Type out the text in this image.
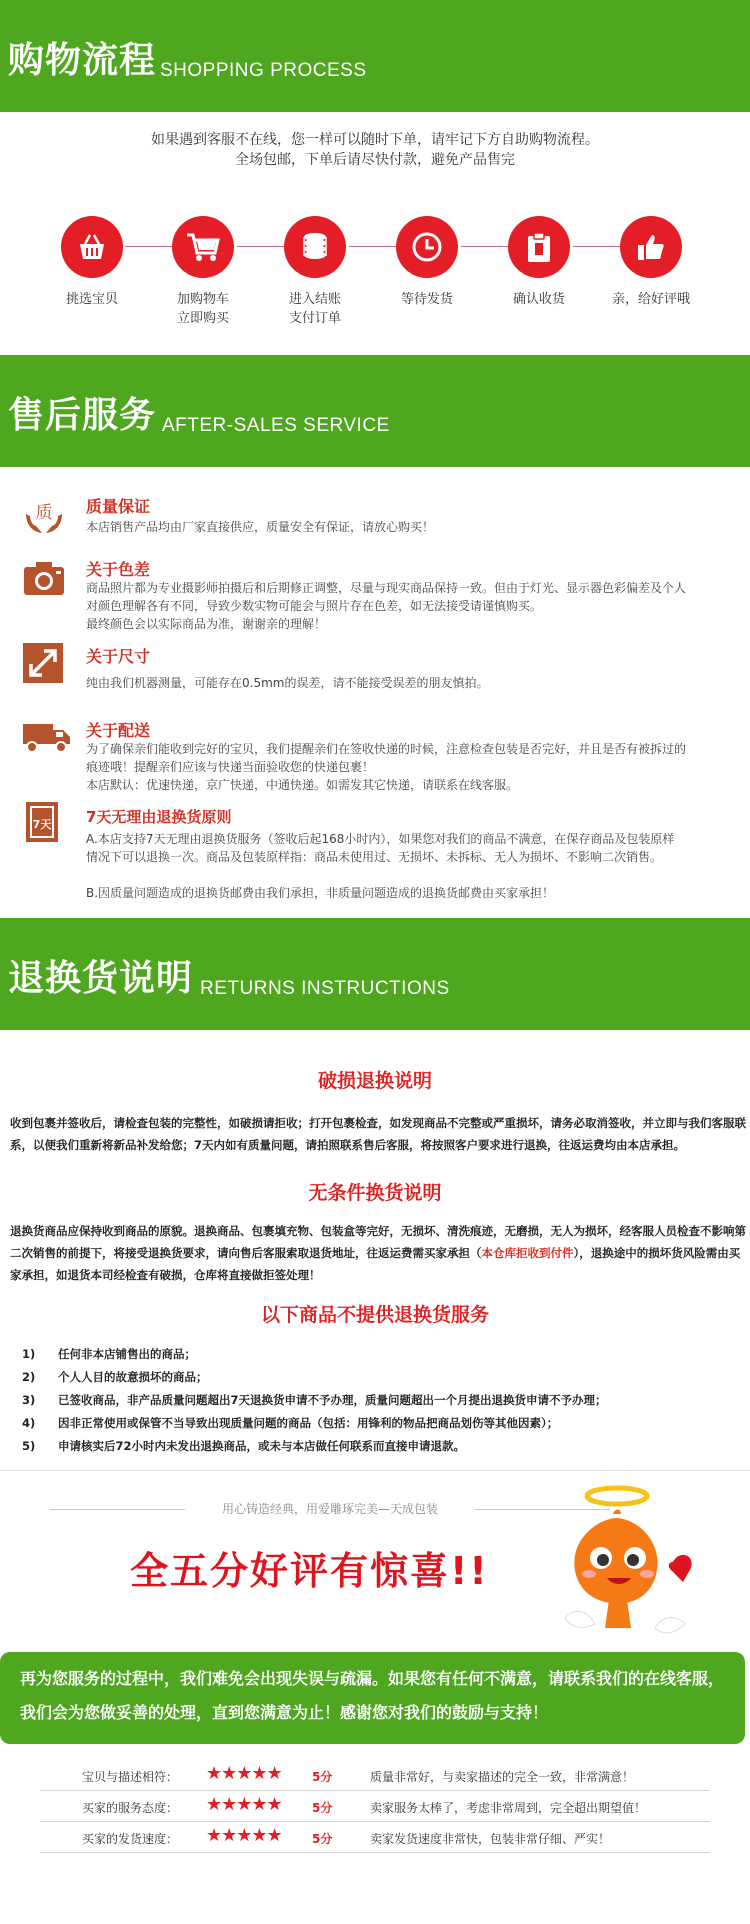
购物流程 SHOPPING PROCESS
如果遇到客服不在线，您一样可以随时下单，请牢记下方自助购物流程。
全场包邮，下单后请尽快付款，避免产品售完
挑选宝贝	加购物车
立即购买
进入结账
支付订单
等待发货	确认收货	亲，给好评哦
售后服务 AFTER-SALES SERVICE
质 质量保证
本店销售产品均由厂家直接供应，质量安全有保证，请放心购买！
关于色差
商品照片都为专业摄影师拍摄后和后期修正调整，尽量与现实商品保持一致。但由于灯光、显示器色彩偏差及个人
对颜色理解各有不同，导致少数实物可能会与照片存在色差，如无法接受请谨慎购买。
最终颜色会以实际商品为准，谢谢亲的理解！
关于尺寸
纯由我们机器测量，可能存在0.5mm的误差，请不能接受误差的朋友慎拍。
关于配送
为了确保亲们能收到完好的宝贝，我们提醒亲们在签收快递的时候，注意检查包装是否完好，并且是否有被拆过的
痕迹哦！提醒亲们应该与快递当面验收您的快递包裹！
本店默认：优速快递，京广快递，中通快递。如需发其它快递，请联系在线客服。
7天 7天无理由退换货原则
A.本店支持7天无理由退换货服务（签收后起168小时内），如果您对我们的商品不满意，在保存商品及包装原样
情况下可以退换一次。商品及包装原样指：商品未使用过、无损坏、未拆标、无人为损坏、不影响二次销售。
B.因质量问题造成的退换货邮费由我们承担，非质量问题造成的退换货邮费由买家承担！
退换货说明 RETURNS INSTRUCTIONS
破损退换说明
收到包裹并签收后，请检查包装的完整性，如破损请拒收；打开包裹检查，如发现商品不完整或严重损坏，请务必取消签收，并立即与我们客服联系，以便我们重新将新品补发给您；7天内如有质量问题，请拍照联系售后客服，将按照客户要求进行退换，往返运费均由本店承担。
无条件换货说明
退换货商品应保持收到商品的原貌。退换商品、包裹填充物、包装盒等完好，无损坏、清洗痕迹，无磨损，无人为损坏，经客服人员检查不影响第二次销售的前提下，将接受退换货要求，请向售后客服索取退货地址，往返运费需买家承担（本仓库拒收到付件），退换途中的损坏货风险需由买家承担，如退货本司经检查有破损，仓库将直接做拒签处理！
以下商品不提供退换货服务
1)	任何非本店铺售出的商品；
2)	个人人目的故意损坏的商品；
3)	已签收商品，非产品质量问题超出7天退换货申请不予办理，质量问题超出一个月提出退换货申请不予办理；
4)	因非正常使用或保管不当导致出现质量问题的商品（包括：用锋利的物品把商品划伤等其他因素）；
5)	申请核实后72小时内未发出退换商品，或未与本店做任何联系而直接申请退款。
用心铸造经典，用爱雕琢完美—天成包装
全五分好评有惊喜!!
再为您服务的过程中，我们难免会出现失误与疏漏。如果您有任何不满意，请联系我们的在线客服，
我们会为您做妥善的处理，直到您满意为止！感谢您对我们的鼓励与支持！
宝贝与描述相符： ★★★★★	5分	质量非常好，与卖家描述的完全一致，非常满意！
买家的服务态度： ★★★★★	5分	卖家服务太棒了，考虑非常周到，完全超出期望值！
买家的发货速度： ★★★★★	5分	卖家发货速度非常快，包装非常仔细、严实！
